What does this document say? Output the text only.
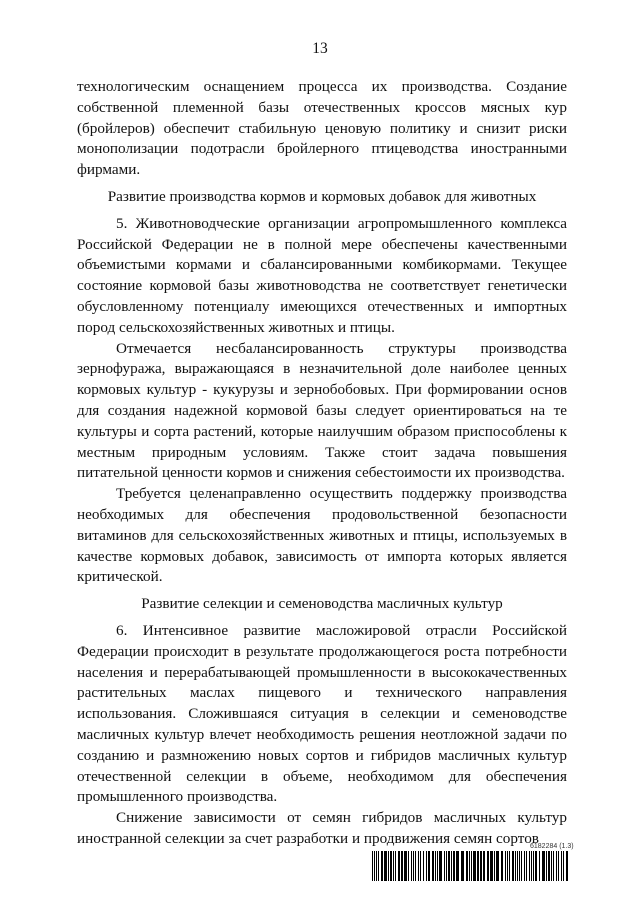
13

технологическим оснащением процесса их производства. Создание собственной племенной базы отечественных кроссов мясных кур (бройлеров) обеспечит стабильную ценовую политику и снизит риски монополизации подотрасли бройлерного птицеводства иностранными фирмами.

Развитие производства кормов и кормовых добавок для животных

5. Животноводческие организации агропромышленного комплекса Российской Федерации не в полной мере обеспечены качественными объемистыми кормами и сбалансированными комбикормами. Текущее состояние кормовой базы животноводства не соответствует генетически обусловленному потенциалу имеющихся отечественных и импортных пород сельскохозяйственных животных и птицы.

Отмечается несбалансированность структуры производства зернофуража, выражающаяся в незначительной доле наиболее ценных кормовых культур - кукурузы и зернобобовых. При формировании основ для создания надежной кормовой базы следует ориентироваться на те культуры и сорта растений, которые наилучшим образом приспособлены к местным природным условиям. Также стоит задача повышения питательной ценности кормов и снижения себестоимости их производства.

Требуется целенаправленно осуществить поддержку производства необходимых для обеспечения продовольственной безопасности витаминов для сельскохозяйственных животных и птицы, используемых в качестве кормовых добавок, зависимость от импорта которых является критической.

Развитие селекции и семеноводства масличных культур

6. Интенсивное развитие масложировой отрасли Российской Федерации происходит в результате продолжающегося роста потребности населения и перерабатывающей промышленности в высококачественных растительных маслах пищевого и технического направления использования. Сложившаяся ситуация в селекции и семеноводстве масличных культур влечет необходимость решения неотложной задачи по созданию и размножению новых сортов и гибридов масличных культур отечественной селекции в объеме, необходимом для обеспечения промышленного производства.

Снижение зависимости от семян гибридов масличных культур иностранной селекции за счет разработки и продвижения семян сортов

6182284 (1.3)
